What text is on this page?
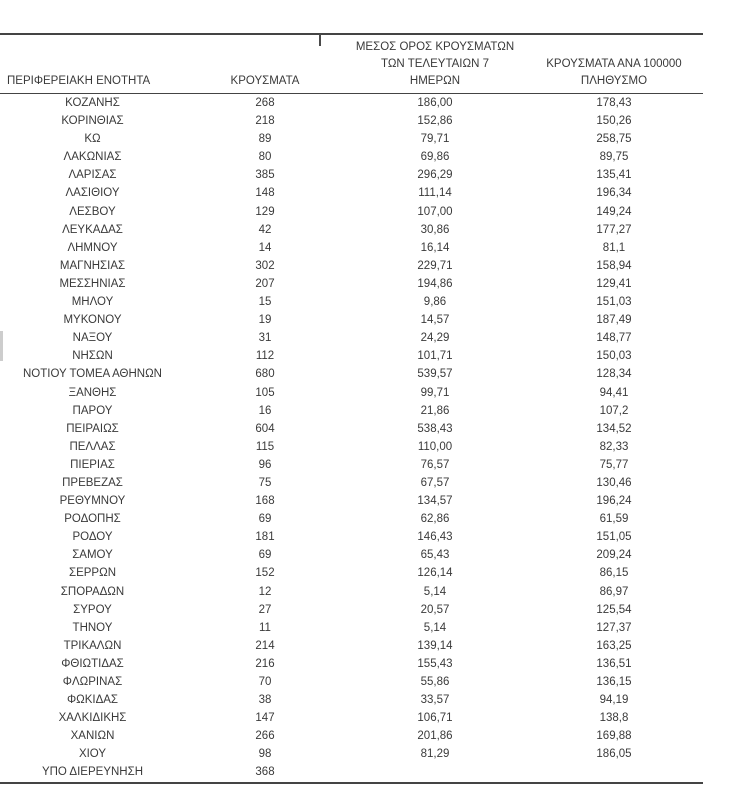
ΠΕΡΙΦΕΡΕΙΑΚΗ ΕΝΟΤΗΤΑ	ΚΡΟΥΣΜΑΤΑ	
ΜΕΣΟΣ ΟΡΟΣ ΚΡΟΥΣΜΑΤΩΝ
ΤΩΝ ΤΕΛΕΥΤΑΙΩΝ 7
ΗΜΕΡΩΝ

ΚΡΟΥΣΜΑΤΑ ΑΝΑ 100000
ΠΛΗΘΥΣΜΟ

ΚΟΖΑΝΗΣ	268	186,00	178,43
ΚΟΡΙΝΘΙΑΣ	218	152,86	150,26
ΚΩ	89	79,71	258,75
ΛΑΚΩΝΙΑΣ	80	69,86	89,75
ΛΑΡΙΣΑΣ	385	296,29	135,41
ΛΑΣΙΘΙΟΥ	148	111,14	196,34
ΛΕΣΒΟΥ	129	107,00	149,24
ΛΕΥΚΑΔΑΣ	42	30,86	177,27
ΛΗΜΝΟΥ	14	16,14	81,1
ΜΑΓΝΗΣΙΑΣ	302	229,71	158,94
ΜΕΣΣΗΝΙΑΣ	207	194,86	129,41
ΜΗΛΟΥ	15	9,86	151,03
ΜΥΚΟΝΟΥ	19	14,57	187,49
ΝΑΞΟΥ	31	24,29	148,77
ΝΗΣΩΝ	112	101,71	150,03
ΝΟΤΙΟΥ ΤΟΜΕΑ ΑΘΗΝΩΝ	680	539,57	128,34
ΞΑΝΘΗΣ	105	99,71	94,41
ΠΑΡΟΥ	16	21,86	107,2
ΠΕΙΡΑΙΩΣ	604	538,43	134,52
ΠΕΛΛΑΣ	115	110,00	82,33
ΠΙΕΡΙΑΣ	96	76,57	75,77
ΠΡΕΒΕΖΑΣ	75	67,57	130,46
ΡΕΘΥΜΝΟΥ	168	134,57	196,24
ΡΟΔΟΠΗΣ	69	62,86	61,59
ΡΟΔΟΥ	181	146,43	151,05
ΣΑΜΟΥ	69	65,43	209,24
ΣΕΡΡΩΝ	152	126,14	86,15
ΣΠΟΡΑΔΩΝ	12	5,14	86,97
ΣΥΡΟΥ	27	20,57	125,54
ΤΗΝΟΥ	11	5,14	127,37
ΤΡΙΚΑΛΩΝ	214	139,14	163,25
ΦΘΙΩΤΙΔΑΣ	216	155,43	136,51
ΦΛΩΡΙΝΑΣ	70	55,86	136,15
ΦΩΚΙΔΑΣ	38	33,57	94,19
ΧΑΛΚΙΔΙΚΗΣ	147	106,71	138,8
ΧΑΝΙΩΝ	266	201,86	169,88
ΧΙΟΥ	98	81,29	186,05
ΥΠΟ ΔΙΕΡΕΥΝΗΣΗ	368		
